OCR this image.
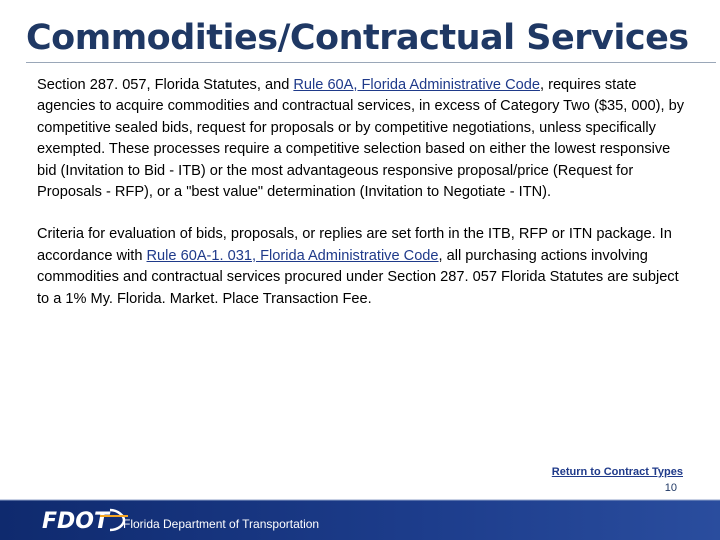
Commodities/Contractual Services

Section 287. 057, Florida Statutes, and Rule 60A, Florida Administrative Code, requires state agencies to acquire commodities and contractual services, in excess of Category Two ($35, 000), by competitive sealed bids, request for proposals or by competitive negotiations, unless specifically exempted. These processes require a competitive selection based on either the lowest responsive bid (Invitation to Bid - ITB) or the most advantageous responsive proposal/price (Request for Proposals - RFP), or a "best value" determination (Invitation to Negotiate - ITN).

Criteria for evaluation of bids, proposals, or replies are set forth in the ITB, RFP or ITN package. In accordance with Rule 60A-1. 031, Florida Administrative Code, all purchasing actions involving commodities and contractual services procured under Section 287. 057 Florida Statutes are subject to a 1% My. Florida. Market. Place Transaction Fee.

Return to Contract Types
FDOT Florida Department of Transportation
10
